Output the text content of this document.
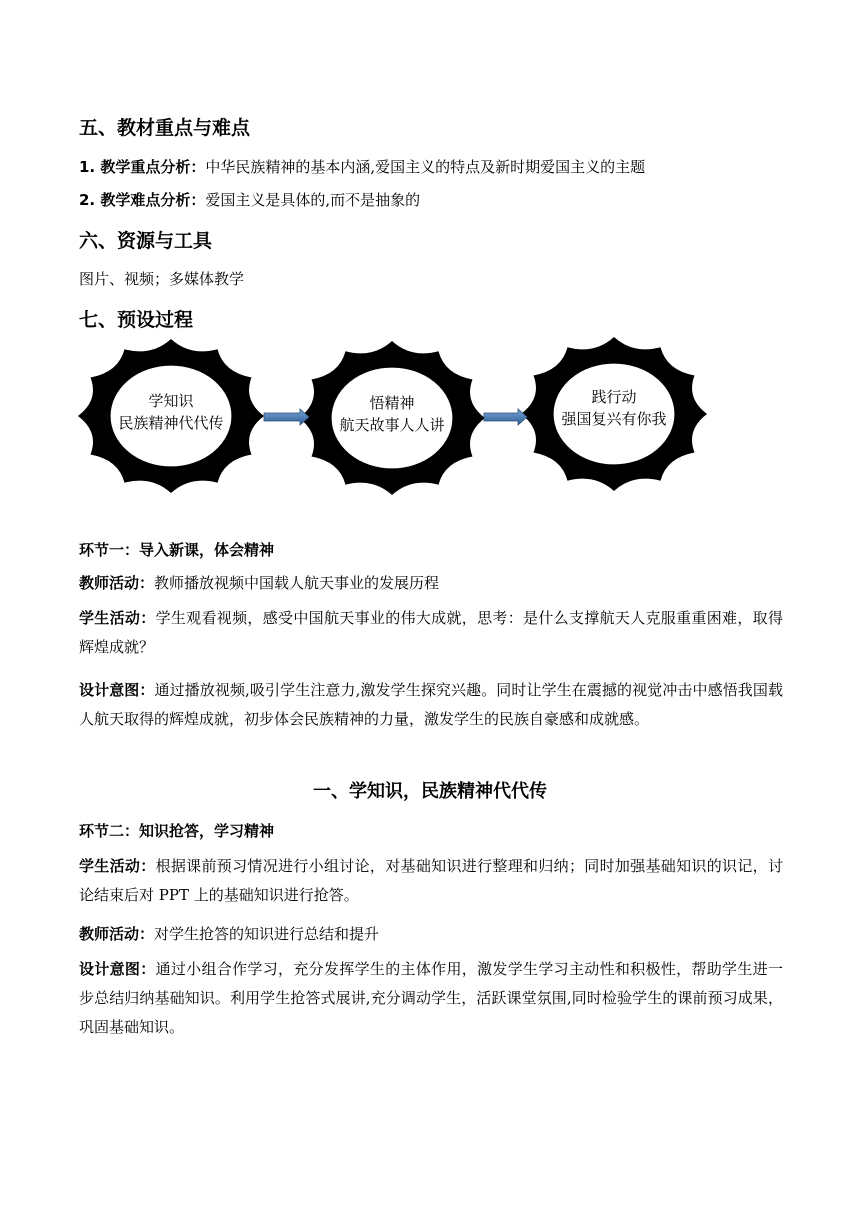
五、教材重点与难点
1. 教学重点分析：中华民族精神的基本内涵,爱国主义的特点及新时期爱国主义的主题
2. 教学难点分析：爱国主义是具体的,而不是抽象的
六、资源与工具
图片、视频；多媒体教学
七、预设过程
学知识
民族精神代代传
悟精神
航天故事人人讲
践行动
强国复兴有你我
环节一：导入新课，体会精神
教师活动：教师播放视频中国载人航天事业的发展历程
学生活动：学生观看视频，感受中国航天事业的伟大成就，思考：是什么支撑航天人克服重重困难，取得辉煌成就？
设计意图：通过播放视频,吸引学生注意力,激发学生探究兴趣。同时让学生在震撼的视觉冲击中感悟我国载人航天取得的辉煌成就，初步体会民族精神的力量，激发学生的民族自豪感和成就感。
一、学知识，民族精神代代传
环节二：知识抢答，学习精神
学生活动：根据课前预习情况进行小组讨论，对基础知识进行整理和归纳；同时加强基础知识的识记，讨论结束后对 PPT 上的基础知识进行抢答。
教师活动：对学生抢答的知识进行总结和提升
设计意图：通过小组合作学习，充分发挥学生的主体作用，激发学生学习主动性和积极性，帮助学生进一步总结归纳基础知识。利用学生抢答式展讲,充分调动学生，活跃课堂氛围,同时检验学生的课前预习成果，巩固基础知识。
